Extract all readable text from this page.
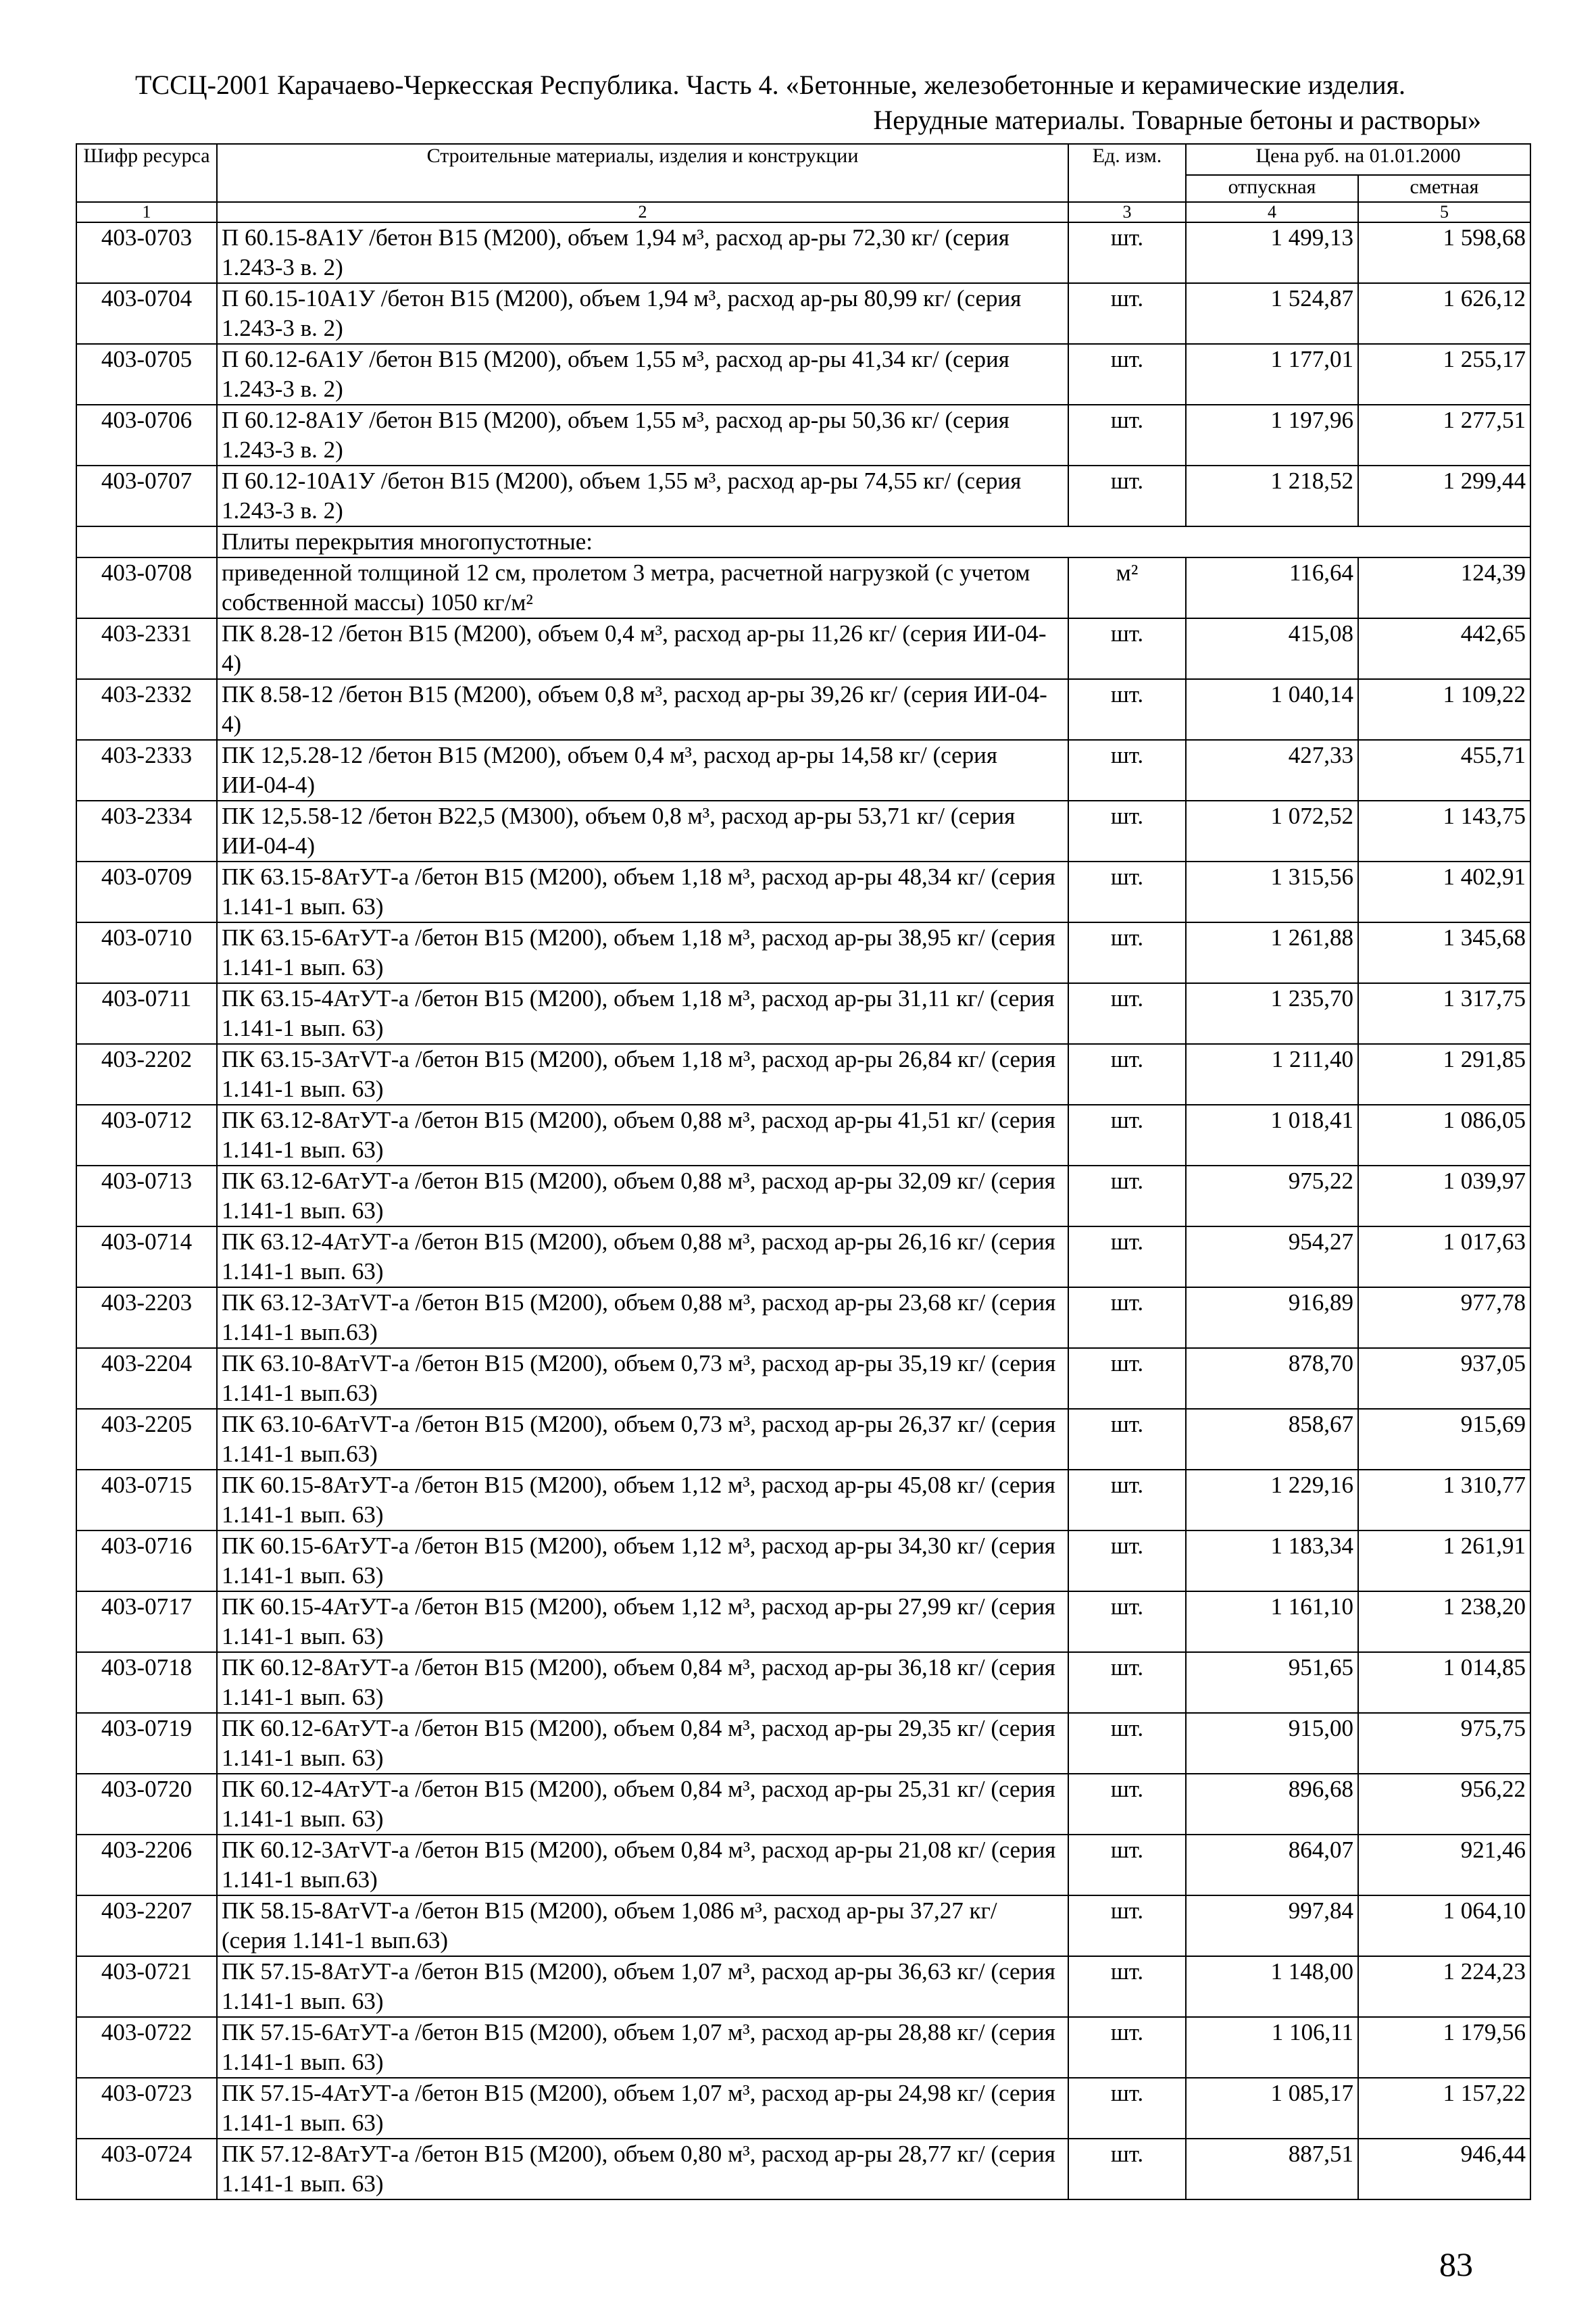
ТССЦ-2001 Карачаево-Черкесская Республика. Часть 4. «Бетонные, железобетонные и керамические изделия.
Нерудные материалы. Товарные бетоны и растворы»
Шифр ресурса	Строительные материалы, изделия и конструкции	Ед. изм.	Цена руб. на 01.01.2000	
			отпускная	сметная
1	2	3	4	5
403-0703	П 60.15-8А1У /бетон В15 (М200), объем 1,94 м³, расход ар-ры 72,30 кг/ (серия 1.243-3 в. 2)	шт.	1 499,13	1 598,68
403-0704	П 60.15-10А1У /бетон В15 (М200), объем 1,94 м³, расход ар-ры 80,99 кг/ (серия 1.243-3 в. 2)	шт.	1 524,87	1 626,12
403-0705	П 60.12-6А1У /бетон В15 (М200), объем 1,55 м³, расход ар-ры 41,34 кг/ (серия 1.243-3 в. 2)	шт.	1 177,01	1 255,17
403-0706	П 60.12-8А1У /бетон В15 (М200), объем 1,55 м³, расход ар-ры 50,36 кг/ (серия 1.243-3 в. 2)	шт.	1 197,96	1 277,51
403-0707	П 60.12-10А1У /бетон В15 (М200), объем 1,55 м³, расход ар-ры 74,55 кг/ (серия 1.243-3 в. 2)	шт.	1 218,52	1 299,44
	Плиты перекрытия многопустотные:			
403-0708	приведенной толщиной 12 см, пролетом 3 метра, расчетной нагрузкой (с учетом собственной массы) 1050 кг/м²	м²	116,64	124,39
403-2331	ПК 8.28-12 /бетон В15 (М200), объем 0,4 м³, расход ар-ры 11,26 кг/ (серия ИИ-04-4)	шт.	415,08	442,65
403-2332	ПК 8.58-12 /бетон В15 (М200), объем 0,8 м³, расход ар-ры 39,26 кг/ (серия ИИ-04-4)	шт.	1 040,14	1 109,22
403-2333	ПК 12,5.28-12 /бетон В15 (М200), объем 0,4 м³, расход ар-ры 14,58 кг/ (серия ИИ-04-4)	шт.	427,33	455,71
403-2334	ПК 12,5.58-12 /бетон В22,5 (М300), объем 0,8 м³, расход ар-ры 53,71 кг/ (серия ИИ-04-4)	шт.	1 072,52	1 143,75
403-0709	ПК 63.15-8АтУТ-а /бетон В15 (М200), объем 1,18 м³, расход ар-ры 48,34 кг/ (серия 1.141-1 вып. 63)	шт.	1 315,56	1 402,91
403-0710	ПК 63.15-6АтУТ-а /бетон В15 (М200), объем 1,18 м³, расход ар-ры 38,95 кг/ (серия 1.141-1 вып. 63)	шт.	1 261,88	1 345,68
403-0711	ПК 63.15-4АтУТ-а /бетон В15 (М200), объем 1,18 м³, расход ар-ры 31,11 кг/ (серия 1.141-1 вып. 63)	шт.	1 235,70	1 317,75
403-2202	ПК 63.15-3АтVТ-а /бетон В15 (М200), объем 1,18 м³, расход ар-ры 26,84 кг/ (серия 1.141-1 вып. 63)	шт.	1 211,40	1 291,85
403-0712	ПК 63.12-8АтУТ-а /бетон В15 (М200), объем 0,88 м³, расход ар-ры 41,51 кг/ (серия 1.141-1 вып. 63)	шт.	1 018,41	1 086,05
403-0713	ПК 63.12-6АтУТ-а /бетон В15 (М200), объем 0,88 м³, расход ар-ры 32,09 кг/ (серия 1.141-1 вып. 63)	шт.	975,22	1 039,97
403-0714	ПК 63.12-4АтУТ-а /бетон В15 (М200), объем 0,88 м³, расход ар-ры 26,16 кг/ (серия 1.141-1 вып. 63)	шт.	954,27	1 017,63
403-2203	ПК 63.12-3АтVТ-а /бетон В15 (М200), объем 0,88 м³, расход ар-ры 23,68 кг/ (серия 1.141-1 вып.63)	шт.	916,89	977,78
403-2204	ПК 63.10-8АтVТ-а /бетон В15 (М200), объем 0,73 м³, расход ар-ры 35,19 кг/ (серия 1.141-1 вып.63)	шт.	878,70	937,05
403-2205	ПК 63.10-6АтVТ-а /бетон В15 (М200), объем 0,73 м³, расход ар-ры 26,37 кг/ (серия 1.141-1 вып.63)	шт.	858,67	915,69
403-0715	ПК 60.15-8АтУТ-а /бетон В15 (М200), объем 1,12 м³, расход ар-ры 45,08 кг/ (серия 1.141-1 вып. 63)	шт.	1 229,16	1 310,77
403-0716	ПК 60.15-6АтУТ-а /бетон В15 (М200), объем 1,12 м³, расход ар-ры 34,30 кг/ (серия 1.141-1 вып. 63)	шт.	1 183,34	1 261,91
403-0717	ПК 60.15-4АтУТ-а /бетон В15 (М200), объем 1,12 м³, расход ар-ры 27,99 кг/ (серия 1.141-1 вып. 63)	шт.	1 161,10	1 238,20
403-0718	ПК 60.12-8АтУТ-а /бетон В15 (М200), объем 0,84 м³, расход ар-ры 36,18 кг/ (серия 1.141-1 вып. 63)	шт.	951,65	1 014,85
403-0719	ПК 60.12-6АтУТ-а /бетон В15 (М200), объем 0,84 м³, расход ар-ры 29,35 кг/ (серия 1.141-1 вып. 63)	шт.	915,00	975,75
403-0720	ПК 60.12-4АтУТ-а /бетон В15 (М200), объем 0,84 м³, расход ар-ры 25,31 кг/ (серия 1.141-1 вып. 63)	шт.	896,68	956,22
403-2206	ПК 60.12-3АтVТ-а /бетон В15 (М200), объем 0,84 м³, расход ар-ры 21,08 кг/ (серия 1.141-1 вып.63)	шт.	864,07	921,46
403-2207	ПК 58.15-8АтVТ-а /бетон В15 (М200), объем 1,086 м³, расход ар-ры 37,27 кг/ (серия 1.141-1 вып.63)	шт.	997,84	1 064,10
403-0721	ПК 57.15-8АтУТ-а /бетон В15 (М200), объем 1,07 м³, расход ар-ры 36,63 кг/ (серия 1.141-1 вып. 63)	шт.	1 148,00	1 224,23
403-0722	ПК 57.15-6АтУТ-а /бетон В15 (М200), объем 1,07 м³, расход ар-ры 28,88 кг/ (серия 1.141-1 вып. 63)	шт.	1 106,11	1 179,56
403-0723	ПК 57.15-4АтУТ-а /бетон В15 (М200), объем 1,07 м³, расход ар-ры 24,98 кг/ (серия 1.141-1 вып. 63)	шт.	1 085,17	1 157,22
403-0724	ПК 57.12-8АтУТ-а /бетон В15 (М200), объем 0,80 м³, расход ар-ры 28,77 кг/ (серия 1.141-1 вып. 63)	шт.	887,51	946,44
83
